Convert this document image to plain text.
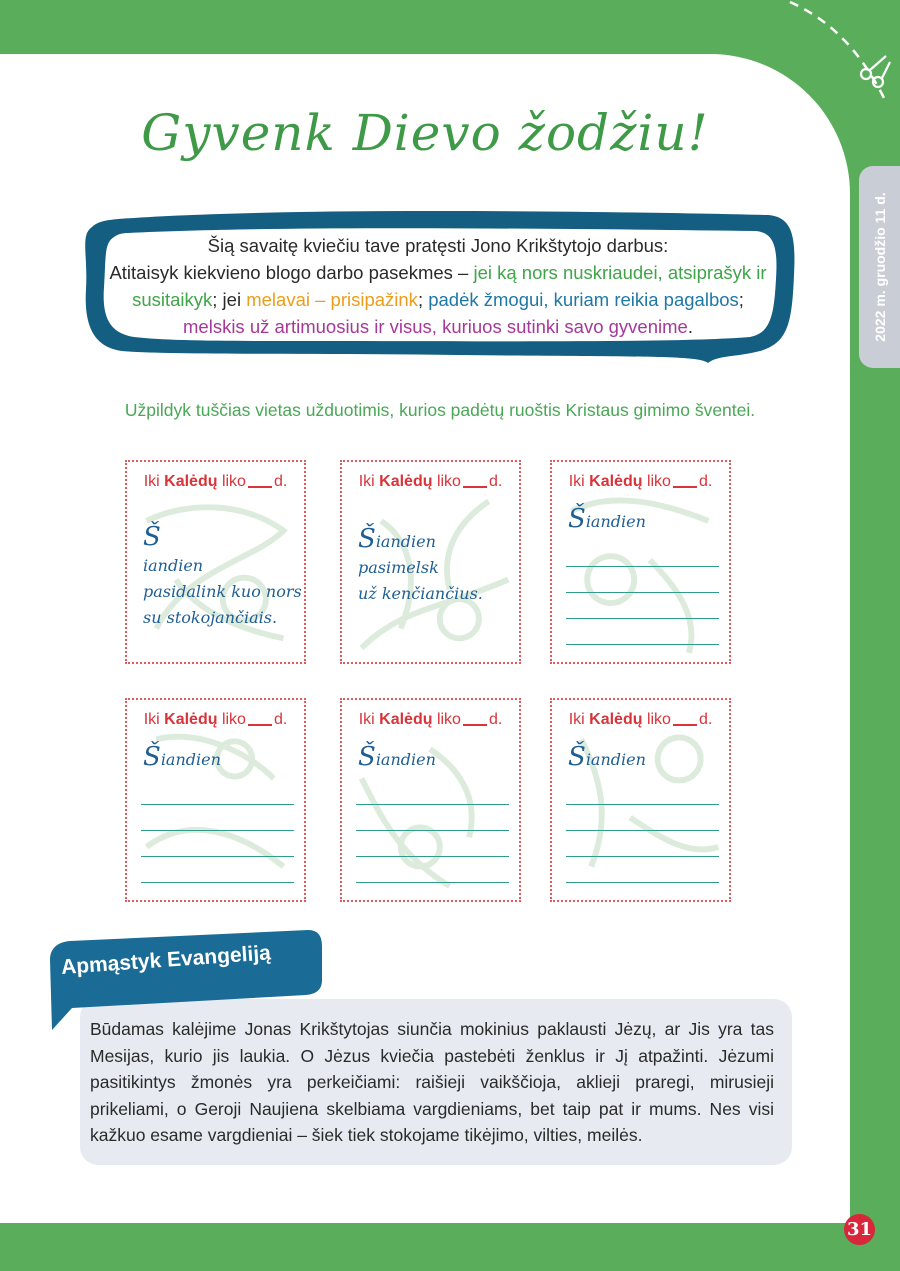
2022 m. gruodžio 11 d.
Gyvenk Dievo žodžiu!
Šią savaitę kviečiu tave pratęsti Jono Krikštytojo darbus:
Atitaisyk kiekvieno blogo darbo pasekmes – jei ką nors nuskriaudei, atsiprašyk ir susitaikyk; jei melavai – prisipažink; padėk žmogui, kuriam reikia pagalbos; melskis už artimuosius ir visus, kuriuos sutinki savo gyvenime.
Užpildyk tuščias vietas užduotimis, kurios padėtų ruoštis Kristaus gimimo šventei.
Iki Kalėdų liko d.
Š
iandien
pasidalink kuo nors su stokojančiais.
Iki Kalėdų liko d.
Šiandien pasimelsk
už kenčiančius.
Iki Kalėdų liko d.
Šiandien
Iki Kalėdų liko d.
Šiandien
Iki Kalėdų liko d.
Šiandien
Iki Kalėdų liko d.
Šiandien
Apmąstyk Evangeliją
Būdamas kalėjime Jonas Krikštytojas siunčia mokinius paklausti Jėzų, ar Jis yra tas Mesijas, kurio jis laukia. O Jėzus kviečia pastebėti ženklus ir Jį atpažinti. Jėzumi pasitikintys žmonės yra perkeičiami: raišieji vaikščioja, aklieji praregi, mirusieji prikeliami, o Geroji Naujiena skelbiama vargdieniams, bet taip pat ir mums. Nes visi kažkuo esame vargdieniai – šiek tiek stokojame tikėjimo, vilties, meilės.
31
